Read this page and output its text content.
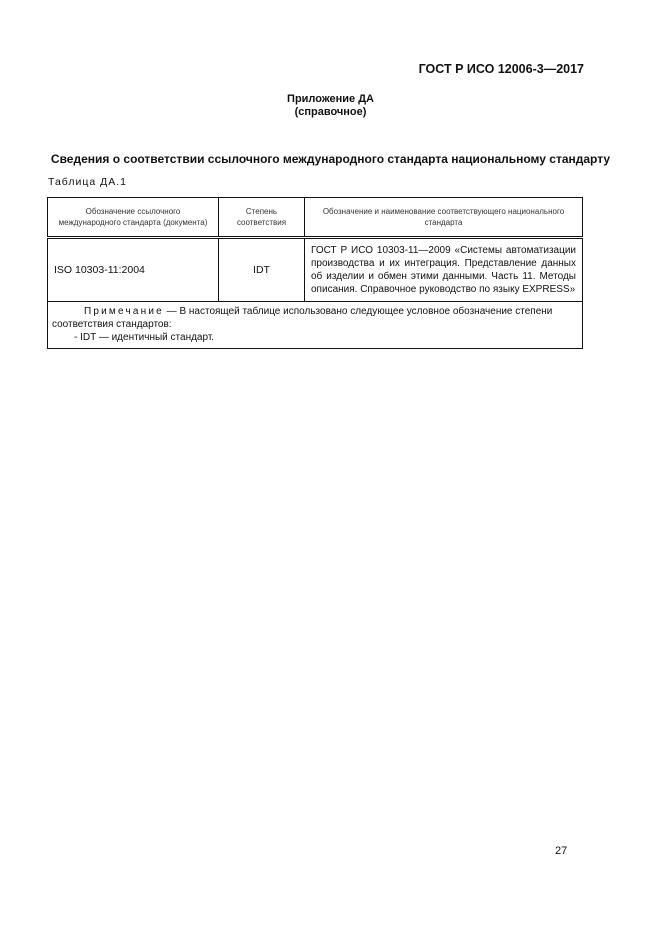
ГОСТ Р ИСО 12006-3—2017
Приложение ДА
(справочное)
Сведения о соответствии ссылочного международного стандарта национальному стандарту
Таблица ДА.1
Обозначение ссылочного международного стандарта (документа)	Степень соответствия	Обозначение и наименование соответствующего национального стандарта
ISO 10303-11:2004	IDT	ГОСТ Р ИСО 10303-11—2009 «Системы автоматизации производства и их интеграция. Представление данных об изделии и обмен этими данными. Часть 11. Методы описания. Справочное руководство по языку EXPRESS»
Примечание — В настоящей таблице использовано следующее условное обозначение степени соответствия стандартов:
- IDT — идентичный стандарт.		
27
